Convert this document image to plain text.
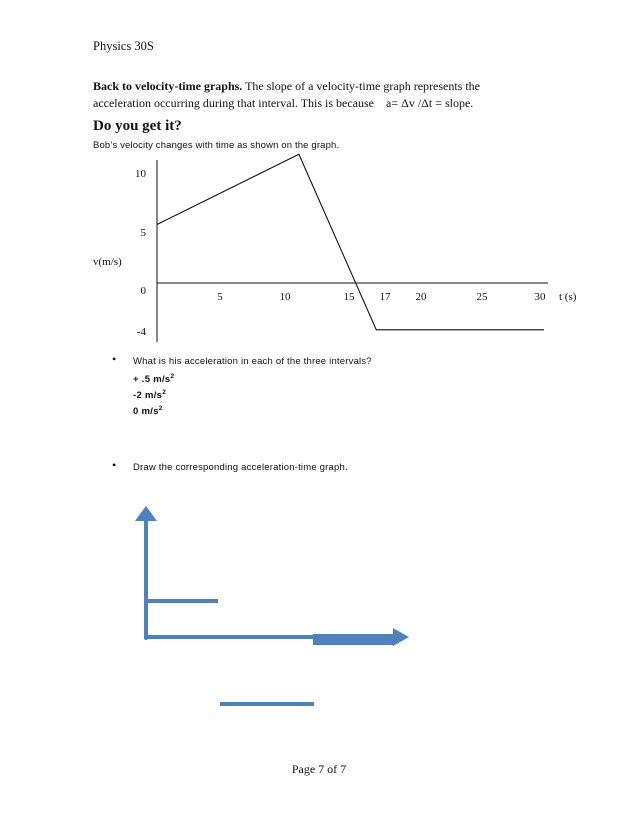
Physics 30S
Back to velocity-time graphs. The slope of a velocity-time graph represents the
acceleration occurring during that interval. This is because a= Δv /Δt = slope.
Do you get it?
Bob’s velocity changes with time as shown on the graph.
10
5
0
-4
v(m/s)
5	10	15 17 20	25	30 t (s)
• What is his acceleration in each of the three intervals?
+ .5 $m/s^2$
-2 $m/s^2$
0 $m/s^2$
• Draw the corresponding acceleration-time graph.
Page 7 of 7
